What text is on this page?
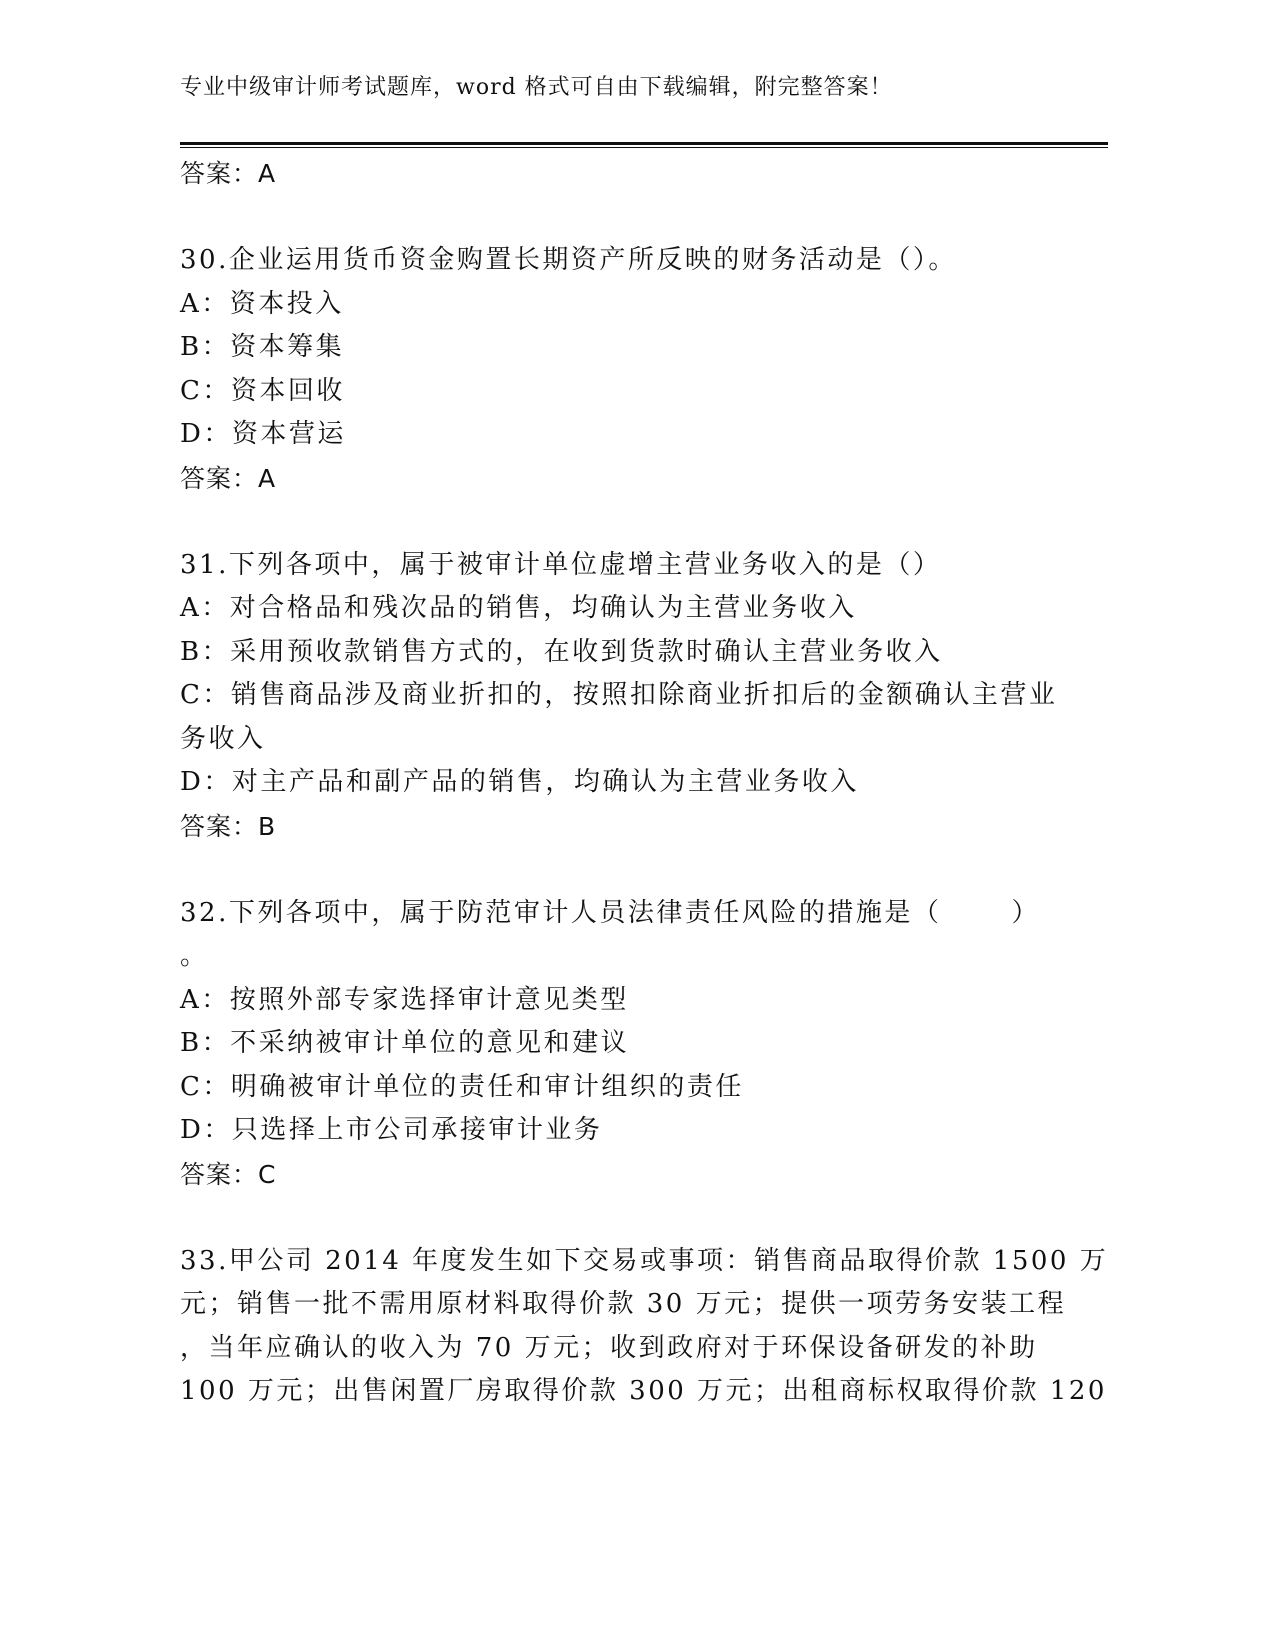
专业中级审计师考试题库，word 格式可自由下载编辑，附完整答案！
答案：A
30.企业运用货币资金购置长期资产所反映的财务活动是（）。
A： 资本投入
B： 资本筹集
C： 资本回收
D： 资本营运
答案：A
31.下列各项中，属于被审计单位虚增主营业务收入的是（）
A： 对合格品和残次品的销售，均确认为主营业务收入
B： 采用预收款销售方式的，在收到货款时确认主营业务收入
C： 销售商品涉及商业折扣的，按照扣除商业折扣后的金额确认主营业
务收入
D： 对主产品和副产品的销售，均确认为主营业务收入
答案：B
32.下列各项中，属于防范审计人员法律责任风险的措施是（	）
。
A： 按照外部专家选择审计意见类型
B： 不采纳被审计单位的意见和建议
C： 明确被审计单位的责任和审计组织的责任
D： 只选择上市公司承接审计业务
答案：C
33.甲公司 2014 年度发生如下交易或事项：销售商品取得价款 1500 万
元；销售一批不需用原材料取得价款 30 万元；提供一项劳务安装工程
，当年应确认的收入为 70 万元；收到政府对于环保设备研发的补助
100 万元；出售闲置厂房取得价款 300 万元；出租商标权取得价款 120
